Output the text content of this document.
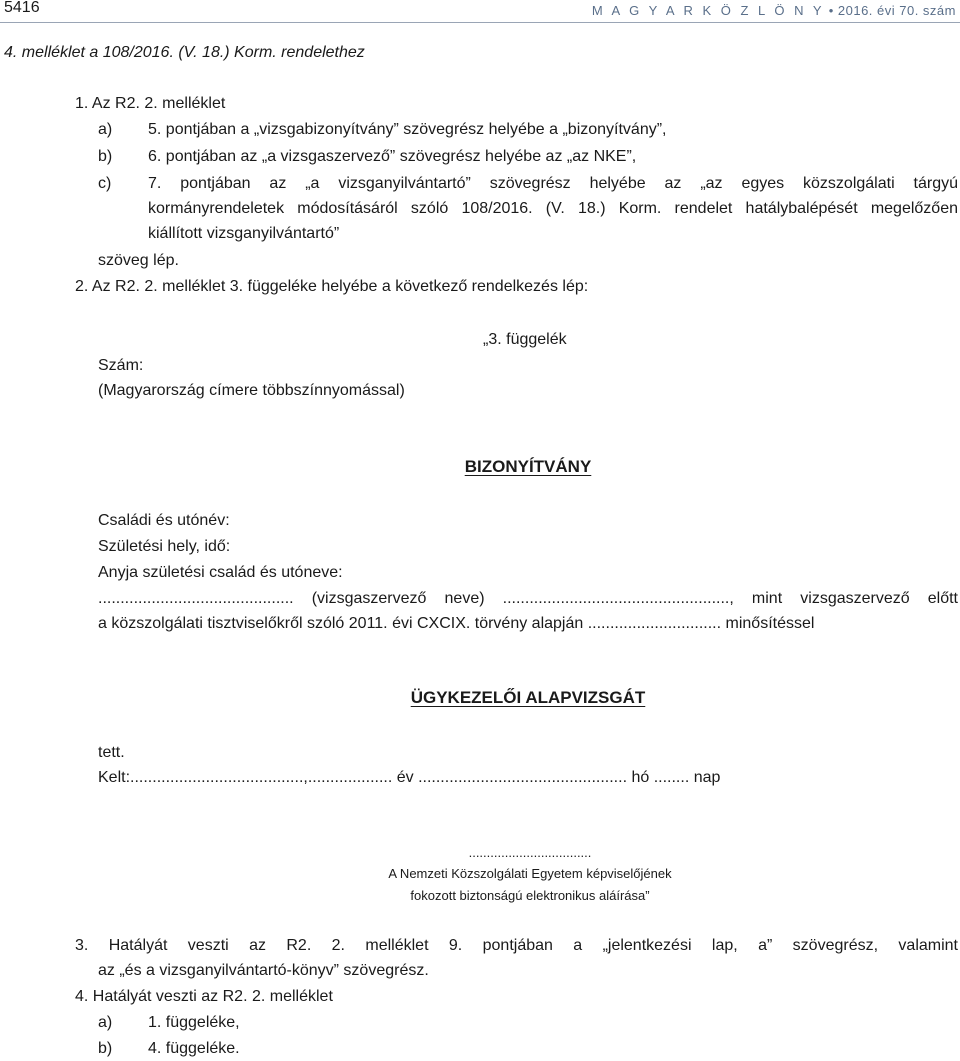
5416	M A G Y A R K Ö Z L Ö N Y • 2016. évi 70. szám
4. melléklet a 108/2016. (V. 18.) Korm. rendelethez
1. Az R2. 2. melléklet
a) 5. pontjában a „vizsgabizonyítvány” szövegrész helyébe a „bizonyítvány”,
b) 6. pontjában az „a vizsgaszervező” szövegrész helyébe az „az NKE”,
c) 7. pontjában az „a vizsganyilvántartó” szövegrész helyébe az „az egyes közszolgálati tárgyú
kormányrendeletek módosításáról szóló 108/2016. (V. 18.) Korm. rendelet hatálybalépését megelőzően
kiállított vizsganyilvántartó”
szöveg lép.
2. Az R2. 2. melléklet 3. függeléke helyébe a következő rendelkezés lép:
„3. függelék
Szám:
(Magyarország címere többszínnyomással)
BIZONYÍTVÁNY
Családi és utónév:
Születési hely, idő:
Anyja születési család és utóneve:
............................................ (vizsgaszervező neve) ..................................................., mint vizsgaszervező előtt
a közszolgálati tisztviselőkről szóló 2011. évi CXCIX. törvény alapján .............................. minősítéssel
ÜGYKEZELŐI ALAPVIZSGÁT
tett.
Kelt:.......................................,................... év ............................................... hó ........ nap
..................................
A Nemzeti Közszolgálati Egyetem képviselőjének
fokozott biztonságú elektronikus aláírása”
3. Hatályát veszti az R2. 2. melléklet 9. pontjában a „jelentkezési lap, a” szövegrész, valamint
az „és a vizsganyilvántartó-könyv” szövegrész.
4. Hatályát veszti az R2. 2. melléklet
a) 1. függeléke,
b) 4. függeléke.
